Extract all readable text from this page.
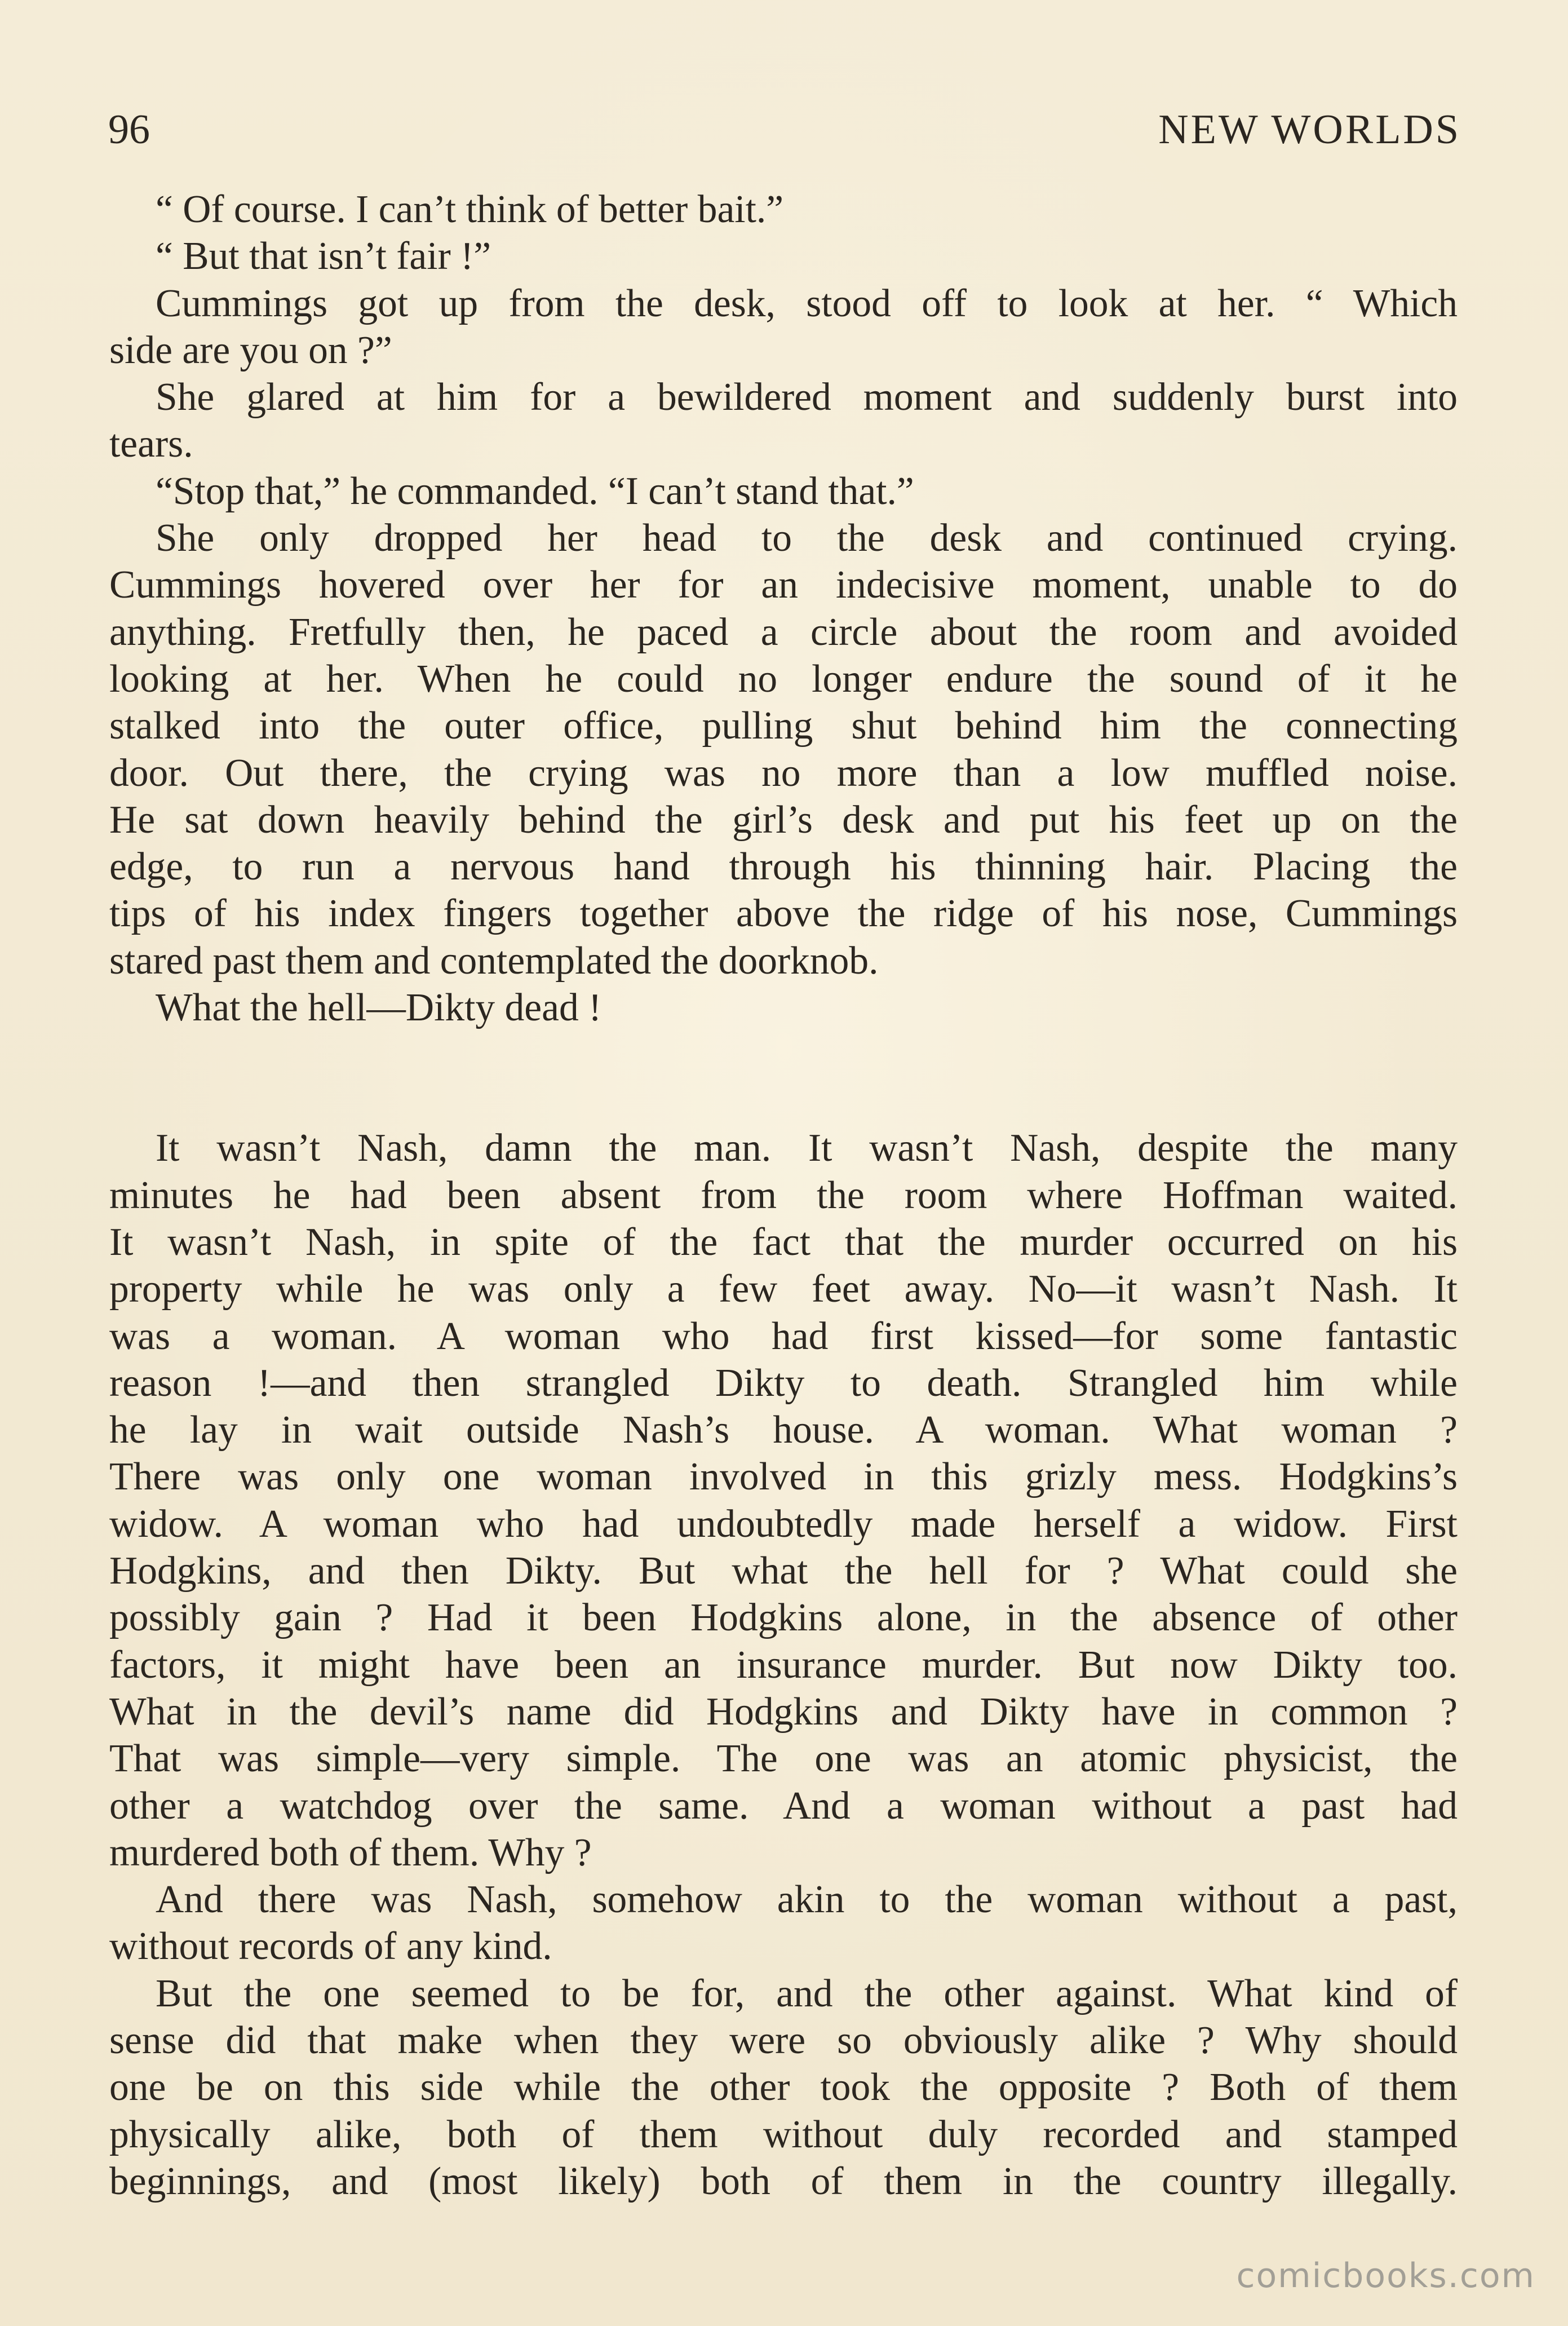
96	NEW WORLDS
“ Of course. I can’t think of better bait.”
“ But that isn’t fair !”
Cummings got up from the desk, stood off to look at her. “ Which
side are you on ?”
She glared at him for a bewildered moment and suddenly burst into
tears.
“Stop that,” he commanded. “I can’t stand that.”
She only dropped her head to the desk and continued crying.
Cummings hovered over her for an indecisive moment, unable to do
anything. Fretfully then, he paced a circle about the room and avoided
looking at her. When he could no longer endure the sound of it he
stalked into the outer office, pulling shut behind him the connecting
door. Out there, the crying was no more than a low muffled noise.
He sat down heavily behind the girl’s desk and put his feet up on the
edge, to run a nervous hand through his thinning hair. Placing the
tips of his index fingers together above the ridge of his nose, Cummings
stared past them and contemplated the doorknob.
What the hell—Dikty dead !
It wasn’t Nash, damn the man. It wasn’t Nash, despite the many
minutes he had been absent from the room where Hoffman waited.
It wasn’t Nash, in spite of the fact that the murder occurred on his
property while he was only a few feet away. No—it wasn’t Nash. It
was a woman. A woman who had first kissed—for some fantastic
reason !—and then strangled Dikty to death. Strangled him while
he lay in wait outside Nash’s house. A woman. What woman ?
There was only one woman involved in this grizly mess. Hodgkins’s
widow. A woman who had undoubtedly made herself a widow. First
Hodgkins, and then Dikty. But what the hell for ? What could she
possibly gain ? Had it been Hodgkins alone, in the absence of other
factors, it might have been an insurance murder. But now Dikty too.
What in the devil’s name did Hodgkins and Dikty have in common ?
That was simple—very simple. The one was an atomic physicist, the
other a watchdog over the same. And a woman without a past had
murdered both of them. Why ?
And there was Nash, somehow akin to the woman without a past,
without records of any kind.
But the one seemed to be for, and the other against. What kind of
sense did that make when they were so obviously alike ? Why should
one be on this side while the other took the opposite ? Both of them
physically alike, both of them without duly recorded and stamped
beginnings, and (most likely) both of them in the country illegally.
comicbooks.com
